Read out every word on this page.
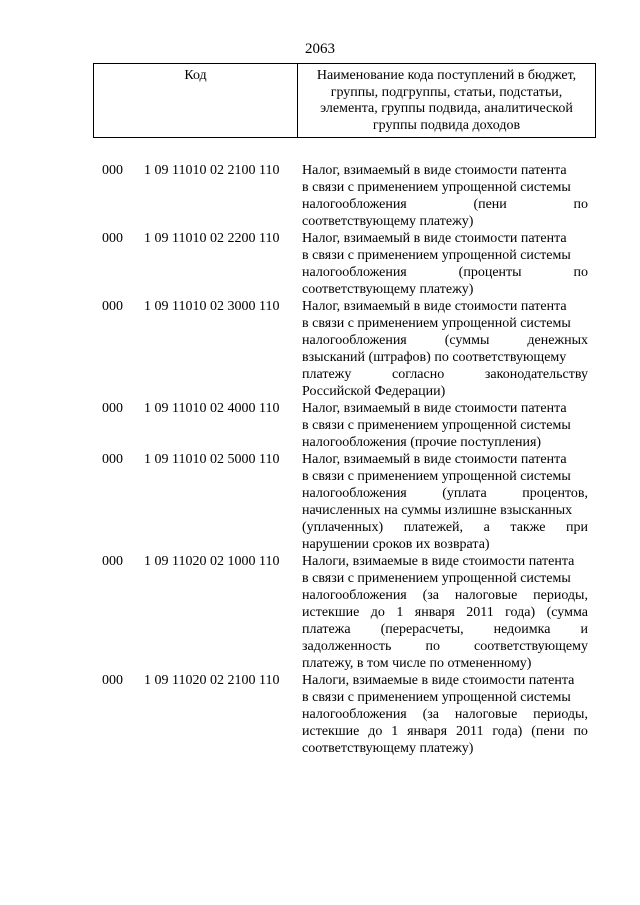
2063
Код	Наименование кода поступлений в бюджет,
группы, подгруппы, статьи, подстатьи,
элемента, группы подвида, аналитической
группы подвида доходов
000 1 09 11010 02 2100 110 Налог, взимаемый в виде стоимости патента
в связи с применением упрощенной системы
налогообложения	(пени	по
соответствующему платежу)
000 1 09 11010 02 2200 110 Налог, взимаемый в виде стоимости патента
в связи с применением упрощенной системы
налогообложения	(проценты	по
соответствующему платежу)
000 1 09 11010 02 3000 110 Налог, взимаемый в виде стоимости патента
в связи с применением упрощенной системы
налогообложения	(суммы	денежных
взысканий (штрафов) по соответствующему
платежу	согласно	законодательству
Российской Федерации)
000 1 09 11010 02 4000 110 Налог, взимаемый в виде стоимости патента
в связи с применением упрощенной системы
налогообложения (прочие поступления)
000 1 09 11010 02 5000 110 Налог, взимаемый в виде стоимости патента
в связи с применением упрощенной системы
налогообложения	(уплата	процентов,
начисленных на суммы излишне взысканных
(уплаченных) платежей, а также при
нарушении сроков их возврата)
000 1 09 11020 02 1000 110 Налоги, взимаемые в виде стоимости патента
в связи с применением упрощенной системы
налогообложения (за налоговые периоды,
истекшие до 1 января 2011 года) (сумма
платежа (перерасчеты, недоимка и
задолженность по соответствующему
платежу, в том числе по отмененному)
000 1 09 11020 02 2100 110 Налоги, взимаемые в виде стоимости патента
в связи с применением упрощенной системы
налогообложения (за налоговые периоды,
истекшие до 1 января 2011 года) (пени по
соответствующему платежу)
